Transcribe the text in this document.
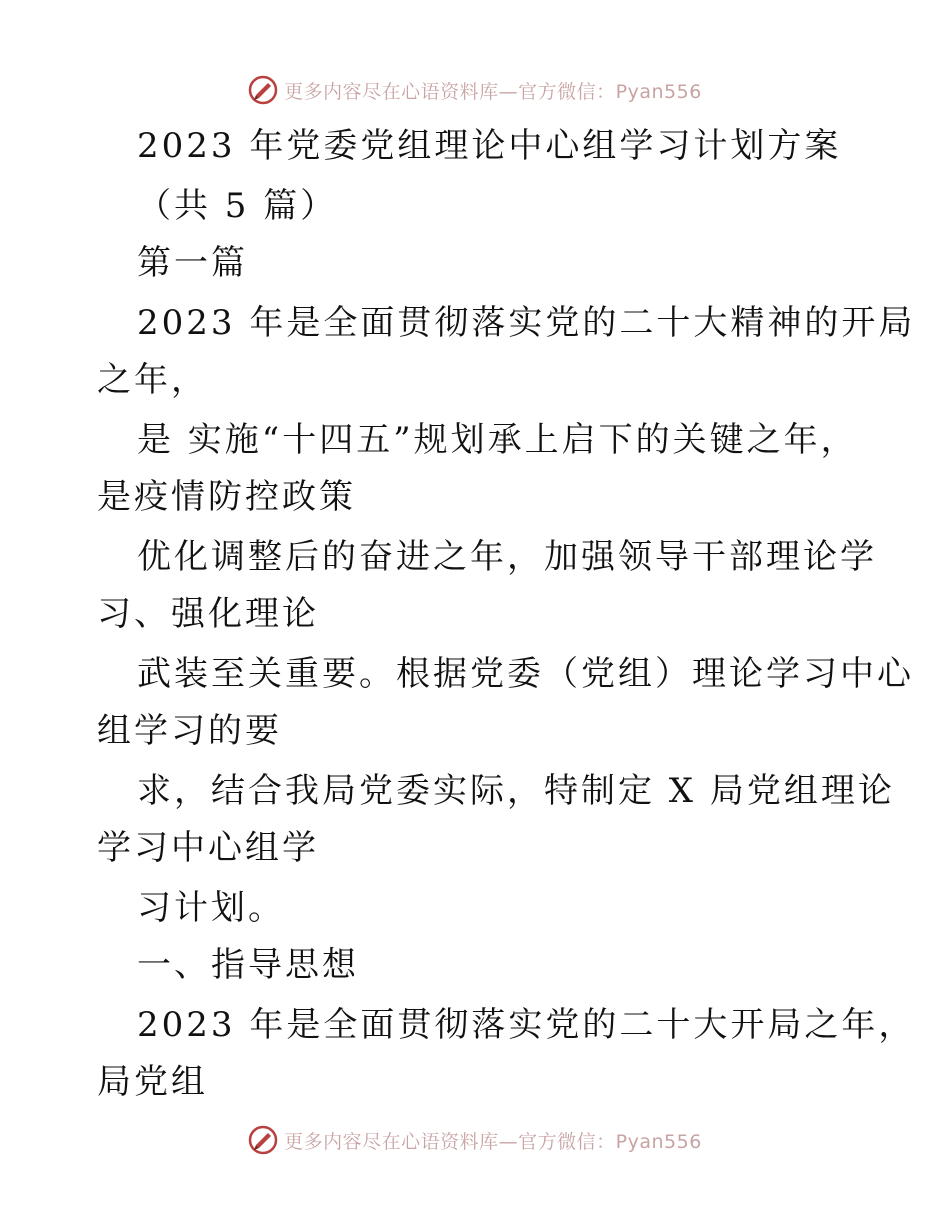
更多内容尽在心语资料库—官方微信：Pyan556
2023 年党委党组理论中心组学习计划方案
（共 5 篇）
第一篇
2023 年是全面贯彻落实党的二十大精神的开局
之年，
是 实施“十四五”规划承上启下的关键之年，
是疫情防控政策
优化调整后的奋进之年，加强领导干部理论学
习、强化理论
武装至关重要。根据党委（党组）理论学习中心
组学习的要
求，结合我局党委实际，特制定 X 局党组理论
学习中心组学
习计划。
一、指导思想
2023 年是全面贯彻落实党的二十大开局之年，
局党组
更多内容尽在心语资料库—官方微信：Pyan556
